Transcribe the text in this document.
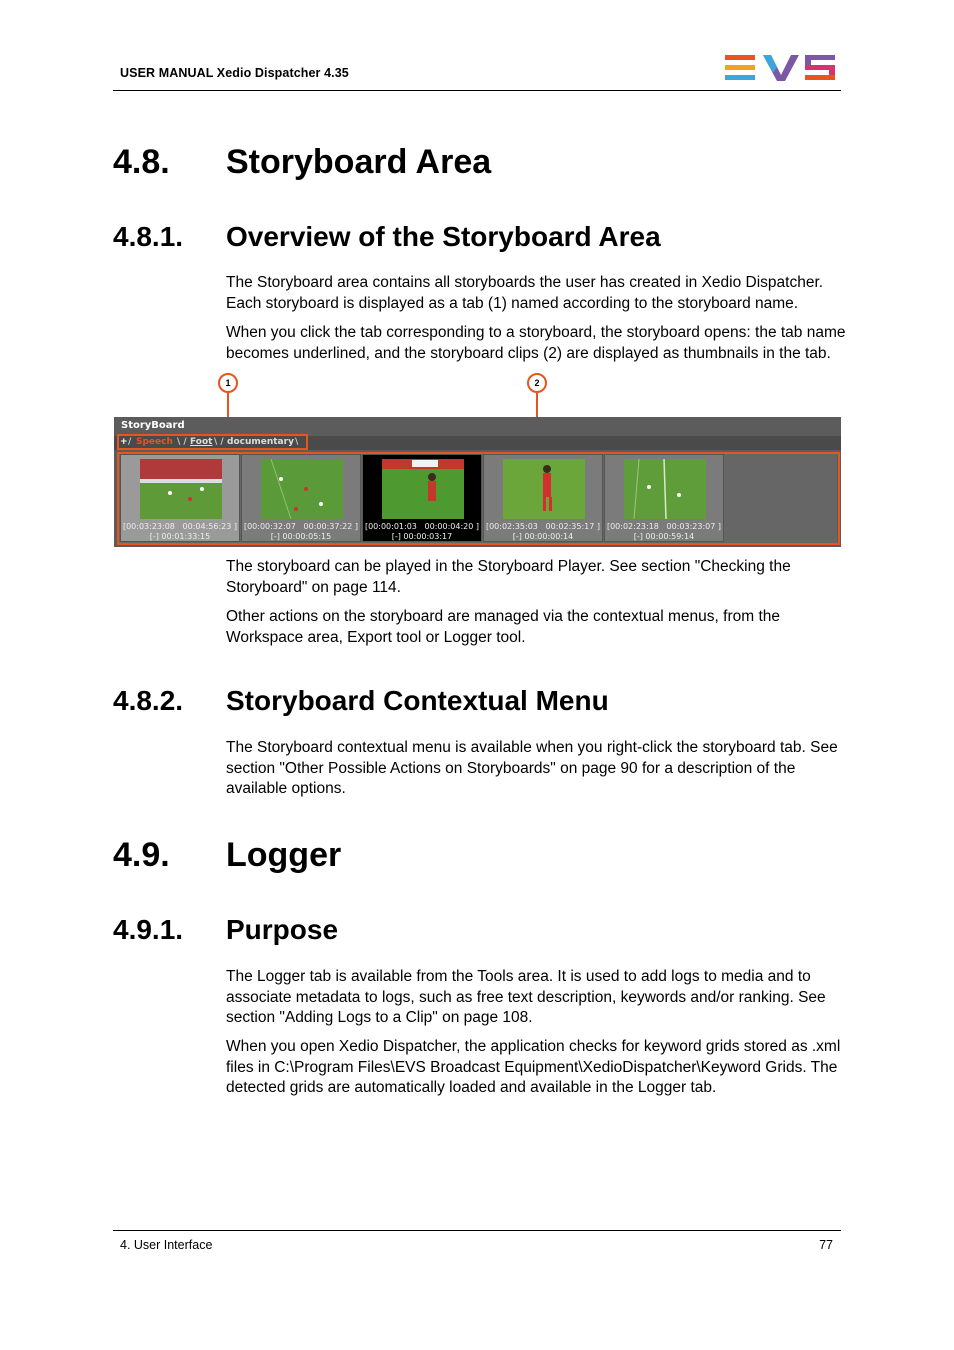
USER MANUAL Xedio Dispatcher 4.35
4.8. Storyboard Area
4.8.1. Overview of the Storyboard Area

The Storyboard area contains all storyboards the user has created in Xedio Dispatcher. Each storyboard is displayed as a tab (1) named according to the storyboard name.

When you click the tab corresponding to a storyboard, the storyboard opens: the tab name becomes underlined, and the storyboard clips (2) are displayed as thumbnails in the tab.

1	2
StoryBoard
+ / Speech \ / Foot \ / documentary \
[00:03:23:08 00:04:56:23 ]
[-] 00:01:33:15
[00:00:32:07 00:00:37:22 ]
[-] 00:00:05:15
[00:00:01:03 00:00:04:20 ]
[-] 00:00:03:17
[00:02:35:03 00:02:35:17 ]
[-] 00:00:00:14
[00:02:23:18 00:03:23:07 ]
[-] 00:00:59:14

The storyboard can be played in the Storyboard Player. See section "Checking the Storyboard" on page 114.

Other actions on the storyboard are managed via the contextual menus, from the Workspace area, Export tool or Logger tool.

4.8.2. Storyboard Contextual Menu

The Storyboard contextual menu is available when you right-click the storyboard tab. See section "Other Possible Actions on Storyboards" on page 90 for a description of the available options.

4.9. Logger
4.9.1. Purpose

The Logger tab is available from the Tools area. It is used to add logs to media and to associate metadata to logs, such as free text description, keywords and/or ranking. See section "Adding Logs to a Clip" on page 108.

When you open Xedio Dispatcher, the application checks for keyword grids stored as .xml files in C:\Program Files\EVS Broadcast Equipment\XedioDispatcher\Keyword Grids. The detected grids are automatically loaded and available in the Logger tab.

4. User Interface	77
